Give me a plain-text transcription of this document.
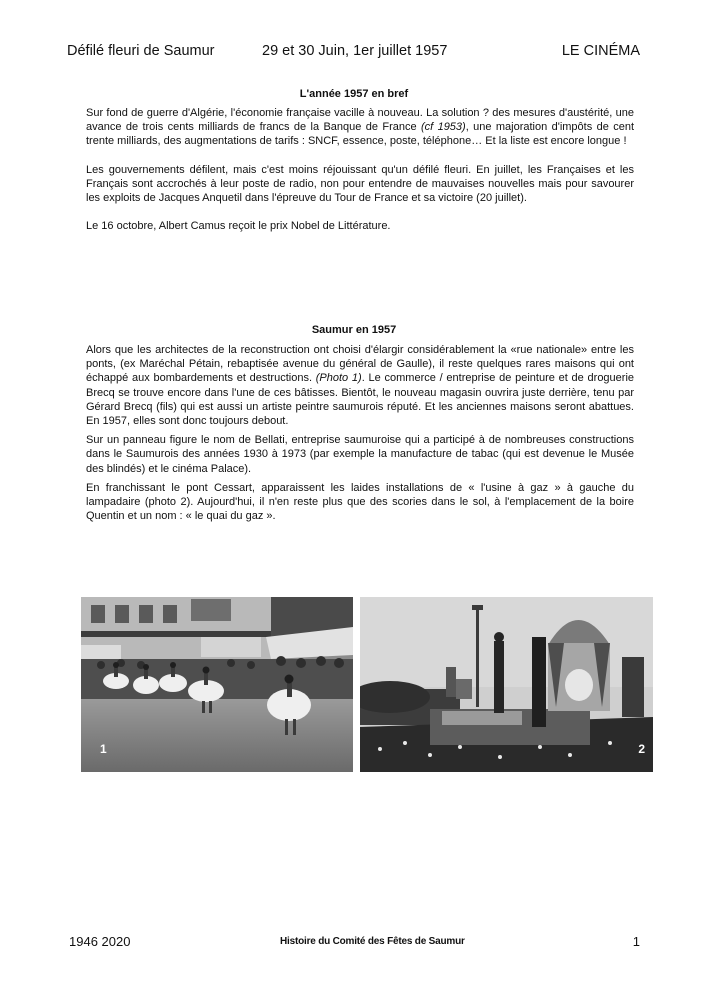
Défilé fleuri de Saumur	29 et 30 Juin, 1er juillet 1957	LE CINÉMA
L'année 1957 en bref

Sur fond de guerre d'Algérie, l'économie française vacille à nouveau. La solution ? des mesures d'austérité, une avance de trois cents milliards de francs de la Banque de France (cf 1953), une majoration d'impôts de cent trente milliards, des augmentations de tarifs : SNCF, essence, poste, téléphone… Et la liste est encore longue !

Les gouvernements défilent, mais c'est moins réjouissant qu'un défilé fleuri. En juillet, les Françaises et les Français sont accrochés à leur poste de radio, non pour entendre de mauvaises nouvelles mais pour savourer les exploits de Jacques Anquetil dans l'épreuve du Tour de France et sa victoire (20 juillet).

Le 16 octobre, Albert Camus reçoit le prix Nobel de Littérature.

Saumur en 1957

Alors que les architectes de la reconstruction ont choisi d'élargir considérablement la «rue nationale» entre les ponts, (ex Maréchal Pétain, rebaptisée avenue du général de Gaulle), il reste quelques rares maisons qui ont échappé aux bombardements et destructions. (Photo 1). Le commerce / entreprise de peinture et de droguerie Brecq se trouve encore dans l'une de ces bâtisses. Bientôt, le nouveau magasin ouvrira juste derrière, tenu par Gérard Brecq (fils) qui est aussi un artiste peintre saumurois réputé. Et les anciennes maisons seront abattues. En 1957, elles sont donc toujours debout.

Sur un panneau figure le nom de Bellati, entreprise saumuroise qui a participé à de nombreuses constructions dans le Saumurois des années 1930 à 1973 (par exemple la manufacture de tabac (qui est devenue le Musée des blindés) et le cinéma Palace).

En franchissant le pont Cessart, apparaissent les laides installations de « l'usine à gaz » à gauche du lampadaire (photo 2). Aujourd'hui, il n'en reste plus que des scories dans le sol, à l'emplacement de la boire Quentin et un nom : « le quai du gaz ».

1	2
1946 2020	Histoire du Comité des Fêtes de Saumur	1
